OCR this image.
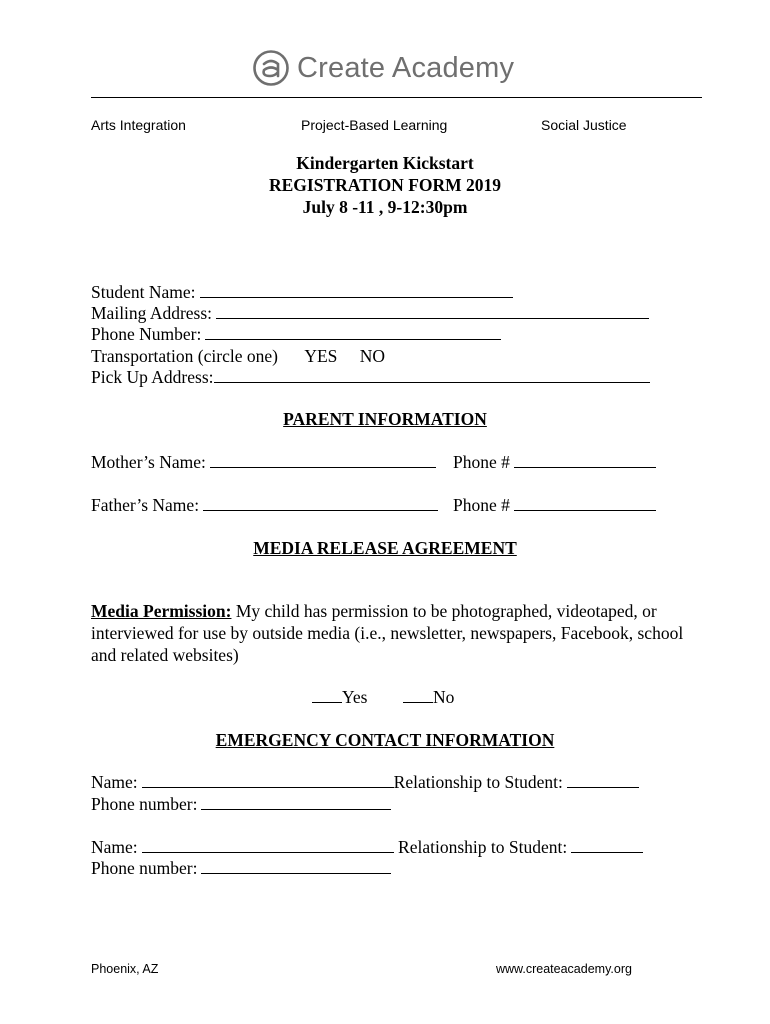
Create Academy
Arts Integration	Project-Based Learning	Social Justice
Kindergarten Kickstart
REGISTRATION FORM 2019
July 8 -11 , 9-12:30pm
Student Name:
Mailing Address:
Phone Number:
Transportation (circle one) YES NO
Pick Up Address:
PARENT INFORMATION
Mother’s Name:	Phone #
Father’s Name:	Phone #
MEDIA RELEASE AGREEMENT
Media Permission: My child has permission to be photographed, videotaped, or interviewed for use by outside media (i.e., newsletter, newspapers, Facebook, school and related websites)
Yes	No
EMERGENCY CONTACT INFORMATION
Name:	Relationship to Student:
Phone number:
Name:	Relationship to Student:
Phone number:
Phoenix, AZ	www.createacademy.org
